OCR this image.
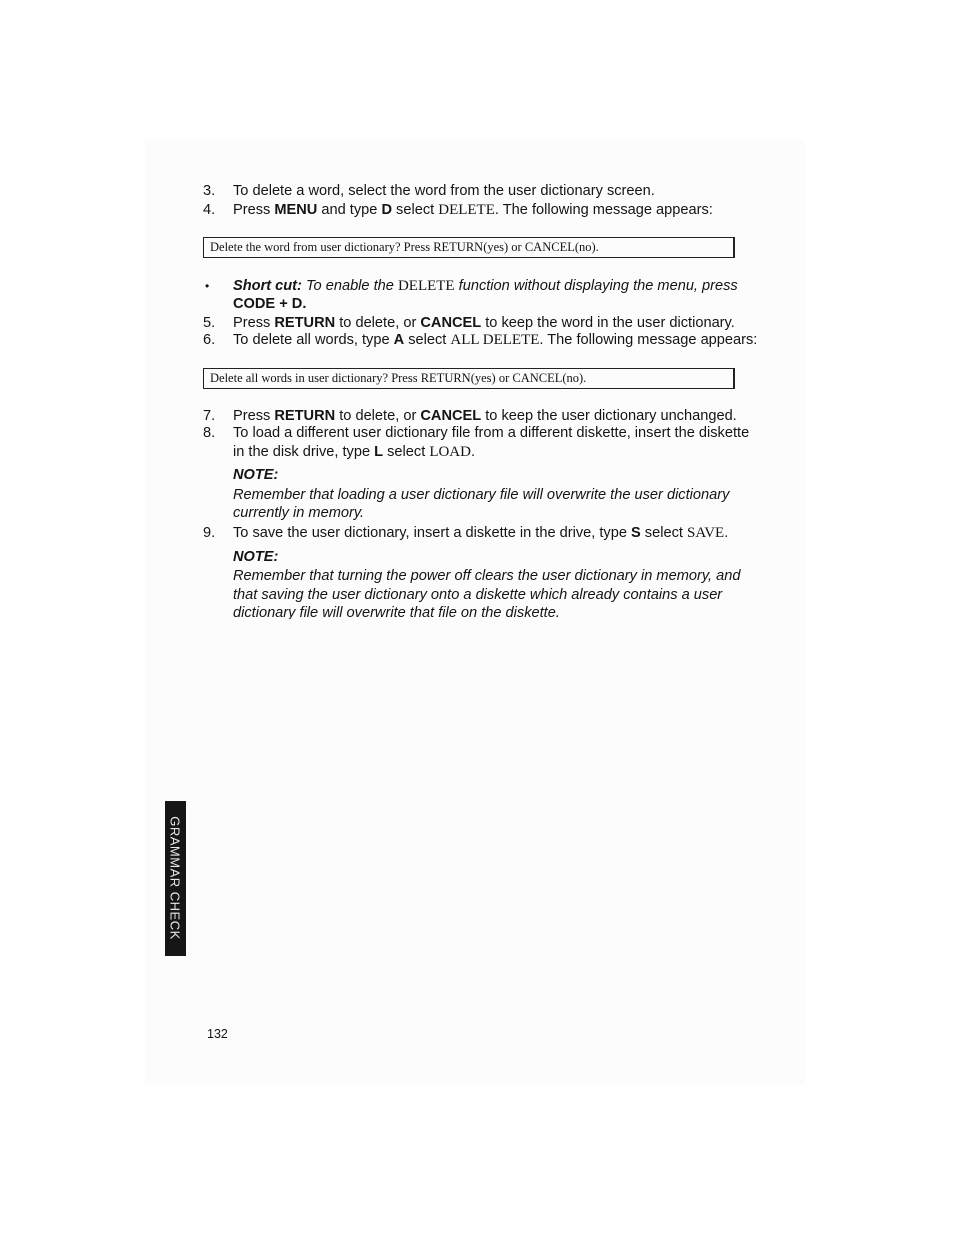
3. To delete a word, select the word from the user dictionary screen.
4. Press MENU and type D select DELETE. The following message appears:
Delete the word from user dictionary? Press RETURN(yes) or CANCEL(no).
• Short cut: To enable the DELETE function without displaying the menu, press
CODE + D.
5. Press RETURN to delete, or CANCEL to keep the word in the user dictionary.
6. To delete all words, type A select ALL DELETE. The following message appears:
Delete all words in user dictionary? Press RETURN(yes) or CANCEL(no).
7. Press RETURN to delete, or CANCEL to keep the user dictionary unchanged.
8. To load a different user dictionary file from a different diskette, insert the diskette
in the disk drive, type L select LOAD.
NOTE:
Remember that loading a user dictionary file will overwrite the user dictionary
currently in memory.
9. To save the user dictionary, insert a diskette in the drive, type S select SAVE.
NOTE:
Remember that turning the power off clears the user dictionary in memory, and
that saving the user dictionary onto a diskette which already contains a user
dictionary file will overwrite that file on the diskette.
GRAMMAR CHECK
132
